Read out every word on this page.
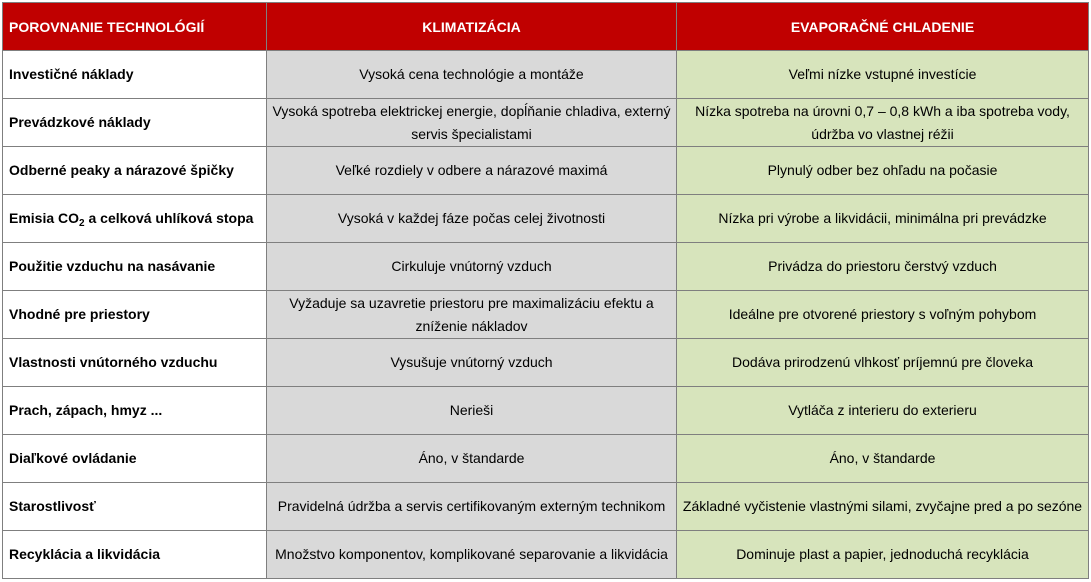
POROVNANIE TECHNOLÓGIÍ	KLIMATIZÁCIA	EVAPORAČNÉ CHLADENIE
Investičné náklady	Vysoká cena technológie a montáže	Veľmi nízke vstupné investície
Prevádzkové náklady	Vysoká spotreba elektrickej energie, dopĺňanie chladiva, externý servis špecialistami	Nízka spotreba na úrovni 0,7 – 0,8 kWh a iba spotreba vody, údržba vo vlastnej réžii
Odberné peaky a nárazové špičky	Veľké rozdiely v odbere a nárazové maximá	Plynulý odber bez ohľadu na počasie
Emisia $CO_2$ a celková uhlíková stopa	Vysoká v každej fáze počas celej životnosti	Nízka pri výrobe a likvidácii, minimálna pri prevádzke
Použitie vzduchu na nasávanie	Cirkuluje vnútorný vzduch	Privádza do priestoru čerstvý vzduch
Vhodné pre priestory	Vyžaduje sa uzavretie priestoru pre maximalizáciu efektu a zníženie nákladov	Ideálne pre otvorené priestory s voľným pohybom
Vlastnosti vnútorného vzduchu	Vysušuje vnútorný vzduch	Dodáva prirodzenú vlhkosť príjemnú pre človeka
Prach, zápach, hmyz ...	Nerieši	Vytláča z interieru do exterieru
Diaľkové ovládanie	Áno, v štandarde	Áno, v štandarde
Starostlivosť	Pravidelná údržba a servis certifikovaným externým technikom	Základné vyčistenie vlastnými silami, zvyčajne pred a po sezóne
Recyklácia a likvidácia	Množstvo komponentov, komplikované separovanie a likvidácia	Dominuje plast a papier, jednoduchá recyklácia
